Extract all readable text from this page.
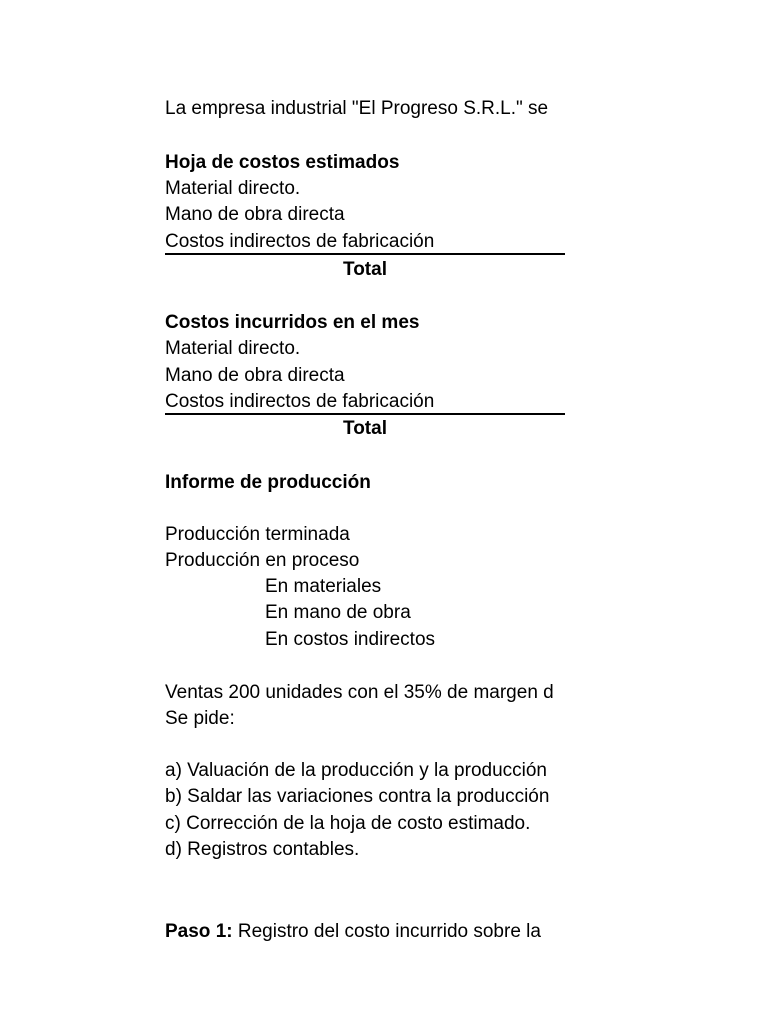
La empresa industrial "El Progreso S.R.L." se
Hoja de costos estimados
Material directo.
Mano de obra directa
Costos indirectos de fabricación
Total
Costos incurridos en el mes
Material directo.
Mano de obra directa
Costos indirectos de fabricación
Total
Informe de producción
Producción terminada
Producción en proceso
En materiales
En mano de obra
En costos indirectos
Ventas 200 unidades con el 35% de margen d
Se pide:
a) Valuación de la producción y la producción
b) Saldar las variaciones contra la producción
c) Corrección de la hoja de costo estimado.
d) Registros contables.
Paso 1: Registro del costo incurrido sobre la
